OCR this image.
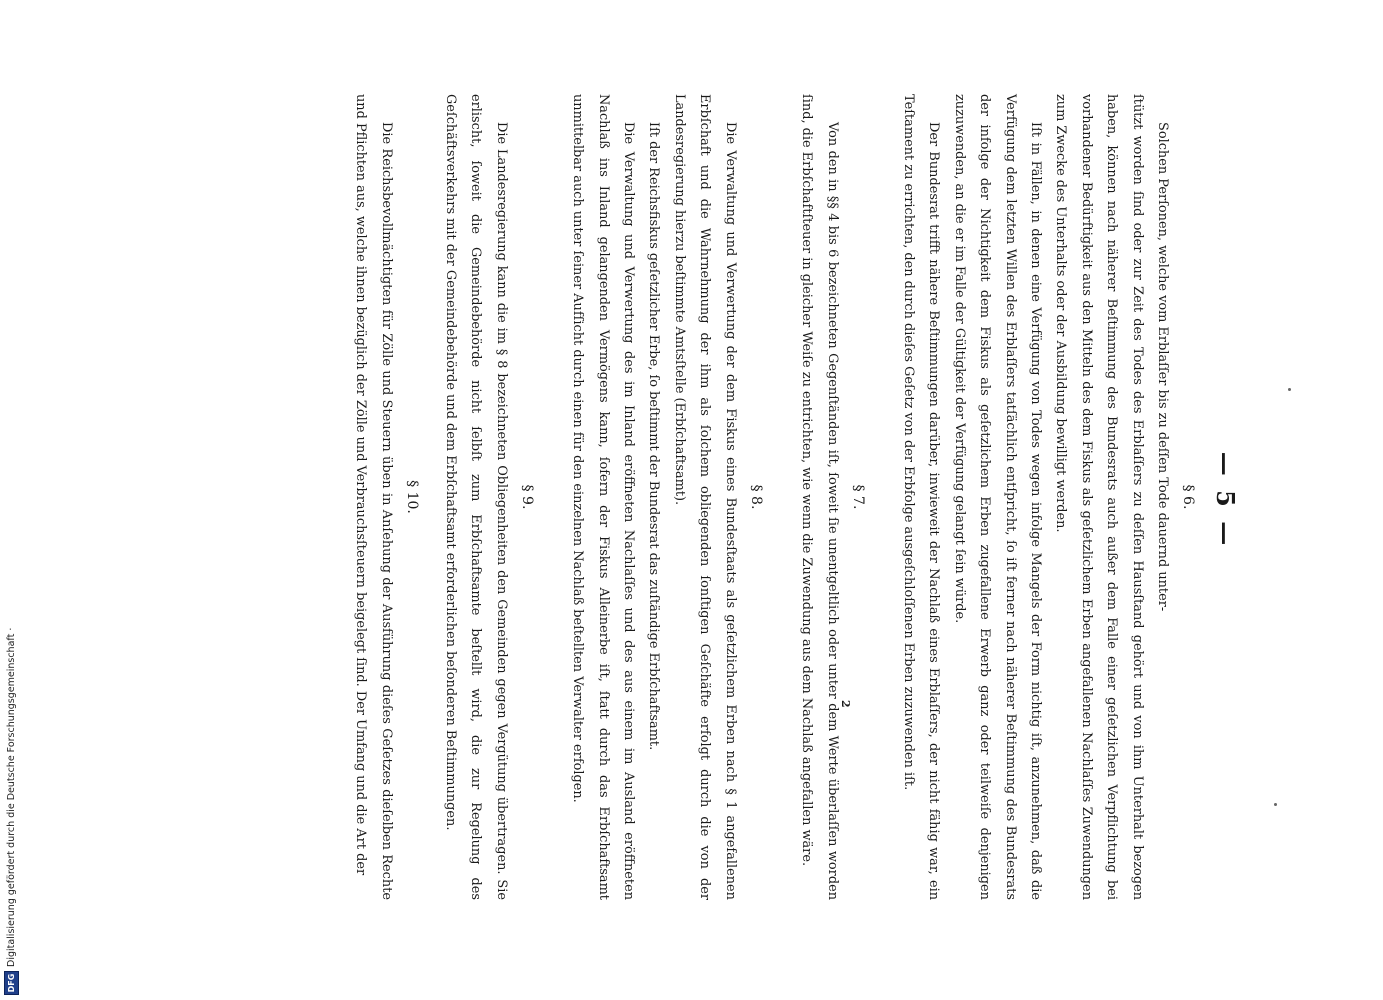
DFG
Digitalisierung gefördert durch die Deutsche Forschungsgemeinschaft ·
— 5 —
2

§ 6.

Solchen Perſonen, welche vom Erblaſſer bis zu deſſen Tode dauernd unter-

ſtützt worden ſind oder zur Zeit des Todes des Erblaſſers zu deſſen Hausſtand gehört und von ihm Unterhalt bezogen haben, können nach näherer Beſtimmung des Bundesrats auch außer dem Falle einer geſetzlichen Verpflichtung bei vorhandener Bedürftigkeit aus den Mitteln des dem Fiskus als geſetzlichem Erben angefallenen Nachlaſſes Zuwendungen zum Zwecke des Unterhalts oder der Ausbildung bewilligt werden.

Iſt in Fällen, in denen eine Verfügung von Todes wegen infolge Mangels der Form nichtig iſt, anzunehmen, daß die Verfügung dem letzten Willen des Erblaſſers tatſächlich entſpricht, ſo iſt ferner nach näherer Beſtimmung des Bundesrats der infolge der Nichtigkeit dem Fiskus als geſetzlichem Erben zugefallene Erwerb ganz oder teilweiſe denjenigen zuzuwenden, an die er im Falle der Gültigkeit der Verfügung gelangt ſein würde.

Der Bundesrat trifft nähere Beſtimmungen darüber, inwieweit der Nachlaß eines Erblaſſers, der nicht fähig war, ein Teſtament zu errichten, den durch dieſes Geſetz von der Erbfolge ausgeſchloſſenen Erben zuzuwenden iſt.

§ 7.

Von den in §§ 4 bis 6 bezeichneten Gegenſtänden iſt, ſoweit ſie unentgeltlich oder unter dem Werte überlaſſen worden ſind, die Erbſchaftſteuer in gleicher Weiſe zu entrichten, wie wenn die Zuwendung aus dem Nachlaß angefallen wäre.

§ 8.

Die Verwaltung und Verwertung der dem Fiskus eines Bundesſtaats als geſetzlichem Erben nach § 1 angefallenen Erbſchaft und die Wahrnehmung der ihm als ſolchem obliegenden ſonſtigen Geſchäfte erfolgt durch die von der Landesregierung hierzu beſtimmte Amtsſtelle (Erbſchaftsamt).

Iſt der Reichsfiskus geſetzlicher Erbe, ſo beſtimmt der Bundesrat das zuſtändige Erbſchaftsamt.

Die Verwaltung und Verwertung des im Inland eröffneten Nachlaſſes und des aus einem im Ausland eröffneten Nachlaß ins Inland gelangenden Vermögens kann, ſofern der Fiskus Alleinerbe iſt, ſtatt durch das Erbſchaftsamt unmittelbar auch unter ſeiner Aufſicht durch einen für den einzelnen Nachlaß beſtellten Verwalter erfolgen.

§ 9.

Die Landesregierung kann die im § 8 bezeichneten Obliegenheiten den Gemeinden gegen Vergütung übertragen. Sie erlischt, ſoweit die Gemeindebehörde nicht ſelbſt zum Erbſchaftsamte beſtellt wird, die zur Regelung des Geſchäftsverkehrs mit der Gemeindebehörde und dem Erbſchaftsamt erforderlichen beſonderen Beſtimmungen.

§ 10.

Die Reichsbevollmächtigten für Zölle und Steuern üben in Anſehung der Ausführung dieſes Geſetzes dieſelben Rechte und Pflichten aus, welche ihnen bezüglich der Zölle und Verbrauchsſteuern beigelegt ſind. Der Umfang und die Art der
